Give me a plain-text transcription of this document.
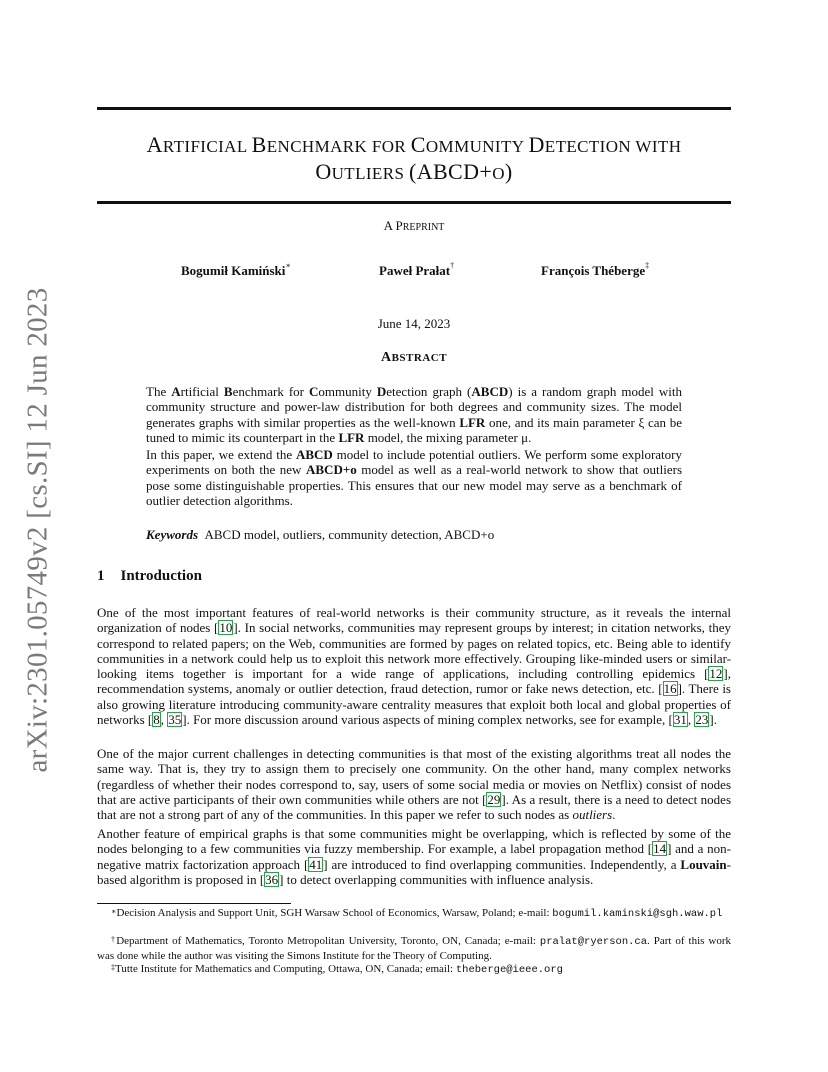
arXiv:2301.05749v2 [cs.SI] 12 Jun 2023
ARTIFICIAL BENCHMARK FOR COMMUNITY DETECTION WITH
OUTLIERS (ABCD+O)
A PREPRINT
Bogumił Kamiński∗	Paweł Prałat†	François Théberge‡
June 14, 2023
ABSTRACT
The Artificial Benchmark for Community Detection graph (ABCD) is a random graph model with community structure and power-law distribution for both degrees and community sizes. The model generates graphs with similar properties as the well-known LFR one, and its main parameter ξ can be tuned to mimic its counterpart in the LFR model, the mixing parameter μ.
In this paper, we extend the ABCD model to include potential outliers. We perform some exploratory experiments on both the new ABCD+o model as well as a real-world network to show that outliers pose some distinguishable properties. This ensures that our new model may serve as a benchmark of outlier detection algorithms.
Keywords ABCD model, outliers, community detection, ABCD+o
1 Introduction
One of the most important features of real-world networks is their community structure, as it reveals the internal organization of nodes [10]. In social networks, communities may represent groups by interest; in citation networks, they correspond to related papers; on the Web, communities are formed by pages on related topics, etc. Being able to identify communities in a network could help us to exploit this network more effectively. Grouping like-minded users or similar-looking items together is important for a wide range of applications, including controlling epidemics [12], recommendation systems, anomaly or outlier detection, fraud detection, rumor or fake news detection, etc. [16]. There is also growing literature introducing community-aware centrality measures that exploit both local and global properties of networks [8, 35]. For more discussion around various aspects of mining complex networks, see for example, [31, 23].
One of the major current challenges in detecting communities is that most of the existing algorithms treat all nodes the same way. That is, they try to assign them to precisely one community. On the other hand, many complex networks (regardless of whether their nodes correspond to, say, users of some social media or movies on Netflix) consist of nodes that are active participants of their own communities while others are not [29]. As a result, there is a need to detect nodes that are not a strong part of any of the communities. In this paper we refer to such nodes as outliers.
Another feature of empirical graphs is that some communities might be overlapping, which is reflected by some of the nodes belonging to a few communities via fuzzy membership. For example, a label propagation method [14] and a non-negative matrix factorization approach [41] are introduced to find overlapping communities. Independently, a Louvain-based algorithm is proposed in [36] to detect overlapping communities with influence analysis.
∗Decision Analysis and Support Unit, SGH Warsaw School of Economics, Warsaw, Poland; e-mail: bogumil.kaminski@sgh.waw.pl
†Department of Mathematics, Toronto Metropolitan University, Toronto, ON, Canada; e-mail: pralat@ryerson.ca. Part of this work was done while the author was visiting the Simons Institute for the Theory of Computing.
‡Tutte Institute for Mathematics and Computing, Ottawa, ON, Canada; email: theberge@ieee.org
